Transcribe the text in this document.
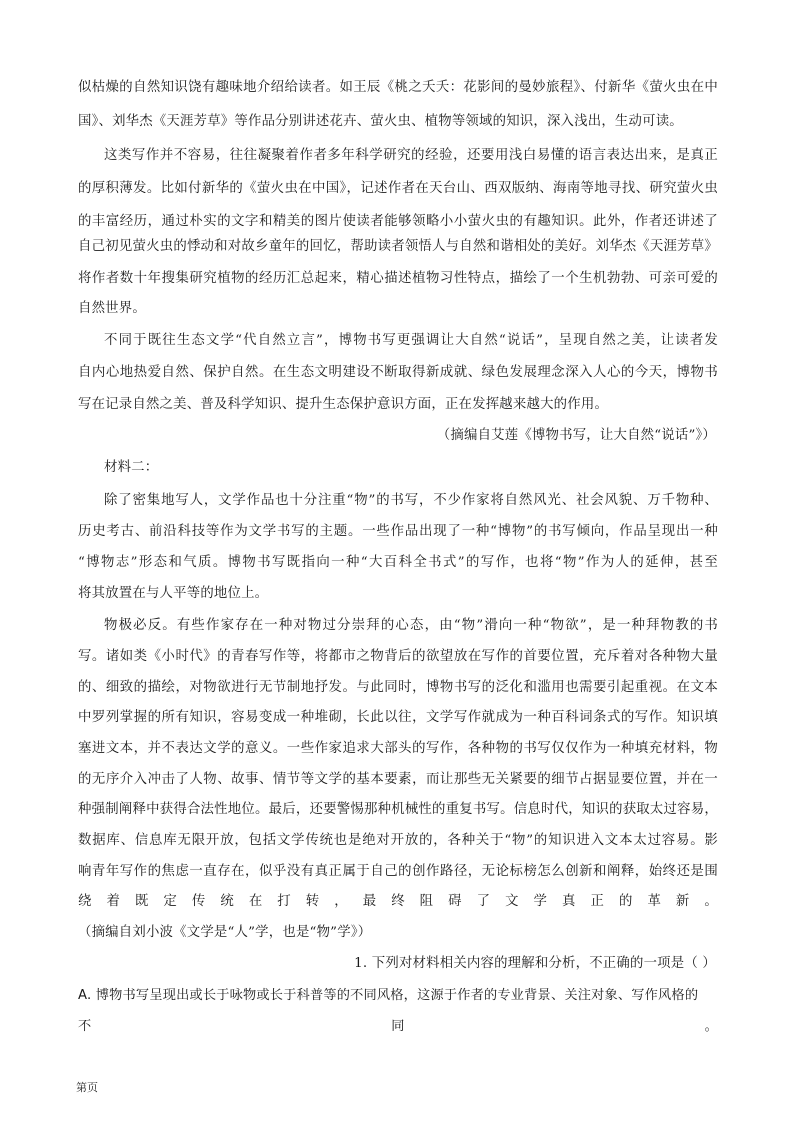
似枯燥的自然知识饶有趣味地介绍给读者。如王辰《桃之夭夭：花影间的曼妙旅程》、付新华《萤火虫在中
国》、刘华杰《天涯芳草》等作品分别讲述花卉、萤火虫、植物等领域的知识，深入浅出，生动可读。
这类写作并不容易，往往凝聚着作者多年科学研究的经验，还要用浅白易懂的语言表达出来，是真正
的厚积薄发。比如付新华的《萤火虫在中国》，记述作者在天台山、西双版纳、海南等地寻找、研究萤火虫
的丰富经历，通过朴实的文字和精美的图片使读者能够领略小小萤火虫的有趣知识。此外，作者还讲述了
自己初见萤火虫的悸动和对故乡童年的回忆，帮助读者领悟人与自然和谐相处的美好。刘华杰《天涯芳草》
将作者数十年搜集研究植物的经历汇总起来，精心描述植物习性特点，描绘了一个生机勃勃、可亲可爱的
自然世界。
不同于既往生态文学“代自然立言”，博物书写更强调让大自然“说话”，呈现自然之美，让读者发
自内心地热爱自然、保护自然。在生态文明建设不断取得新成就、绿色发展理念深入人心的今天，博物书
写在记录自然之美、普及科学知识、提升生态保护意识方面，正在发挥越来越大的作用。
（摘编自艾莲《博物书写，让大自然“说话”》）
材料二：
除了密集地写人，文学作品也十分注重“物”的书写，不少作家将自然风光、社会风貌、万千物种、
历史考古、前沿科技等作为文学书写的主题。一些作品出现了一种“博物”的书写倾向，作品呈现出一种
“博物志”形态和气质。博物书写既指向一种“大百科全书式”的写作，也将“物”作为人的延伸，甚至
将其放置在与人平等的地位上。
物极必反。有些作家存在一种对物过分崇拜的心态，由“物”滑向一种“物欲”，是一种拜物教的书
写。诸如类《小时代》的青春写作等，将都市之物背后的欲望放在写作的首要位置，充斥着对各种物大量
的、细致的描绘，对物欲进行无节制地抒发。与此同时，博物书写的泛化和滥用也需要引起重视。在文本
中罗列掌握的所有知识，容易变成一种堆砌，长此以往，文学写作就成为一种百科词条式的写作。知识填
塞进文本，并不表达文学的意义。一些作家追求大部头的写作，各种物的书写仅仅作为一种填充材料，物
的无序介入冲击了人物、故事、情节等文学的基本要素，而让那些无关紧要的细节占据显要位置，并在一
种强制阐释中获得合法性地位。最后，还要警惕那种机械性的重复书写。信息时代，知识的获取太过容易，
数据库、信息库无限开放，包括文学传统也是绝对开放的，各种关于“物”的知识进入文本太过容易。影
响青年写作的焦虑一直存在，似乎没有真正属于自己的创作路径，无论标榜怎么创新和阐释，始终还是围
绕着既定传统在打转，最终阻碍了文学真正的革新。
（摘编自刘小波《文学是“人”学，也是“物”学》）
1. 下列对材料相关内容的理解和分析，不正确的一项是（ ）
A. 博物书写呈现出或长于咏物或长于科普等的不同风格，这源于作者的专业背景、关注对象、写作风格的
不同。
第页
